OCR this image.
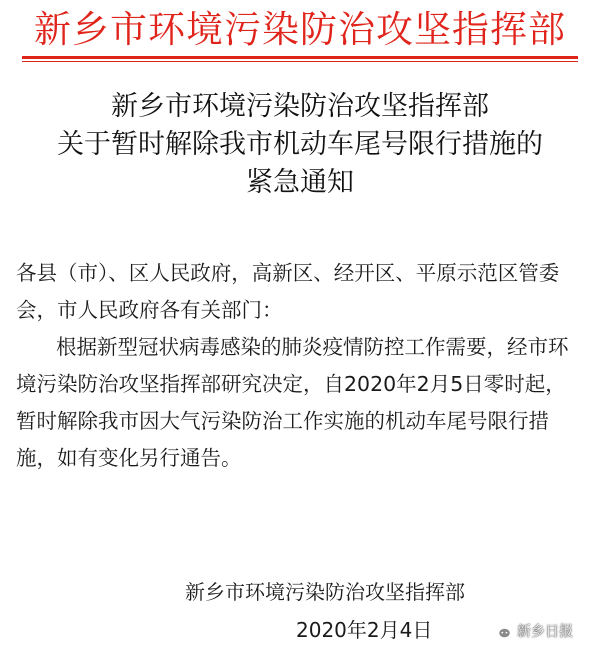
新乡市环境污染防治攻坚指挥部
新乡市环境污染防治攻坚指挥部
关于暂时解除我市机动车尾号限行措施的
紧急通知
各县（市）、区人民政府，高新区、经开区、平原示范区管委
会，市人民政府各有关部门：
根据新型冠状病毒感染的肺炎疫情防控工作需要，经市环
境污染防治攻坚指挥部研究决定，自2020年2月5日零时起，
暂时解除我市因大气污染防治工作实施的机动车尾号限行措
施，如有变化另行通告。
新乡市环境污染防治攻坚指挥部
2020年2月4日	新乡日报
